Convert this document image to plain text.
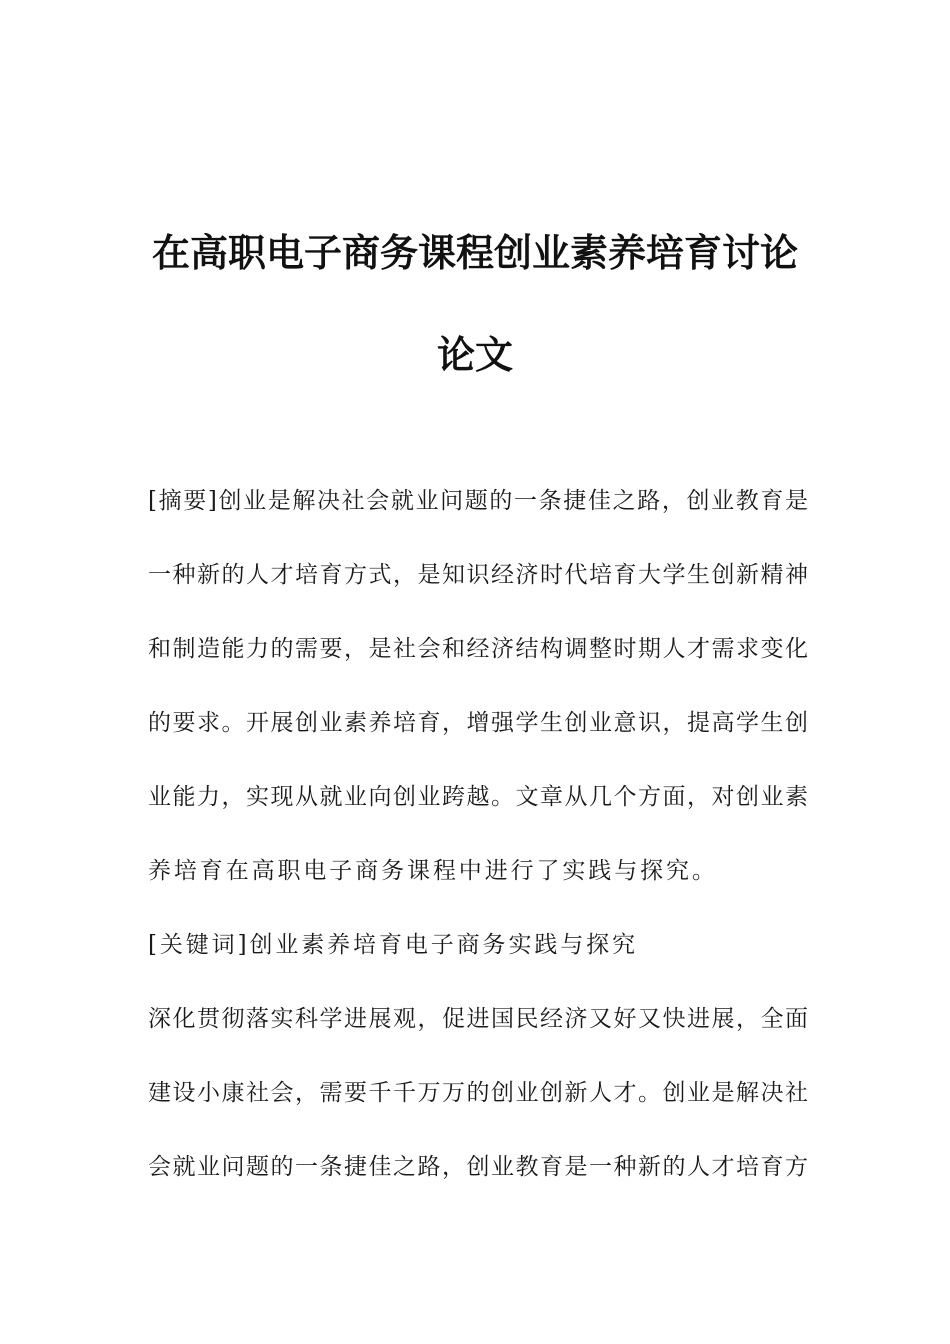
在高职电子商务课程创业素养培育讨论
论文
[摘要]创业是解决社会就业问题的一条捷佳之路，创业教育是
一种新的人才培育方式，是知识经济时代培育大学生创新精神
和制造能力的需要，是社会和经济结构调整时期人才需求变化
的要求。开展创业素养培育，增强学生创业意识，提高学生创
业能力，实现从就业向创业跨越。文章从几个方面，对创业素
养培育在高职电子商务课程中进行了实践与探究。
[关键词]创业素养培育电子商务实践与探究
深化贯彻落实科学进展观，促进国民经济又好又快进展，全面
建设小康社会，需要千千万万的创业创新人才。创业是解决社
会就业问题的一条捷佳之路，创业教育是一种新的人才培育方
